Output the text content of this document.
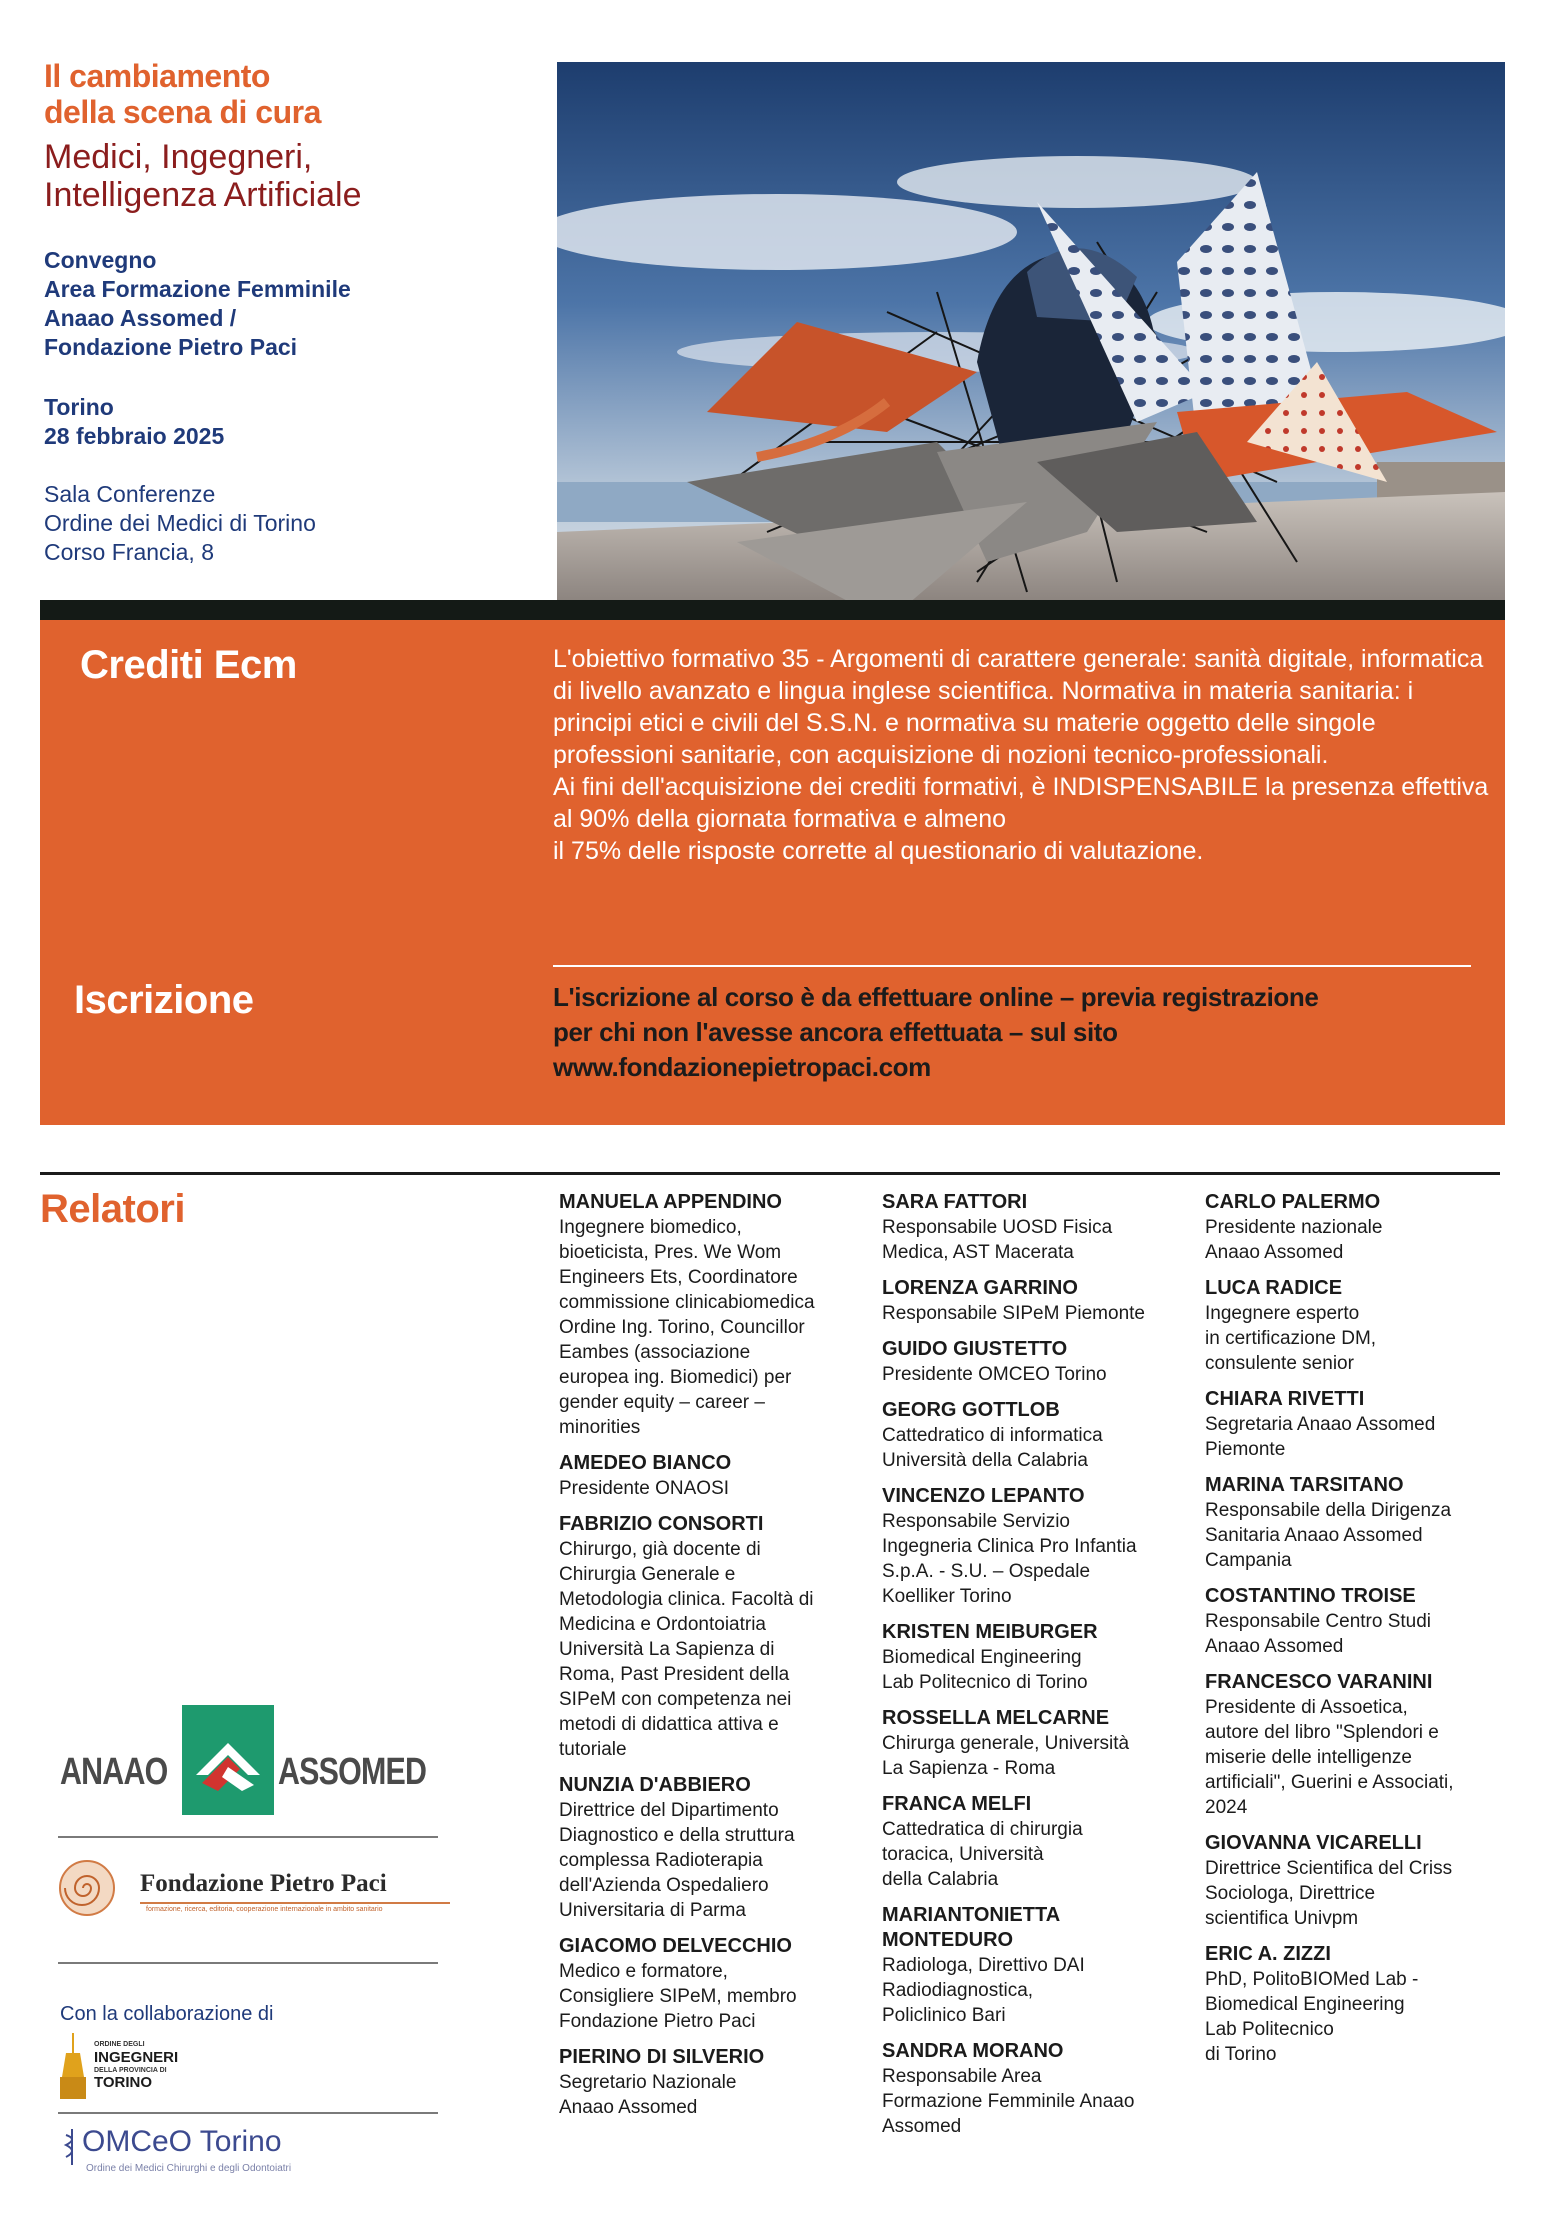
Il cambiamento
della scena di cura
Medici, Ingegneri,
Intelligenza Artificiale
Convegno
Area Formazione Femminile
Anaao Assomed /
Fondazione Pietro Paci
Torino
28 febbraio 2025
Sala Conferenze
Ordine dei Medici di Torino
Corso Francia, 8
Crediti Ecm	L'obiettivo formativo 35 - Argomenti di carattere generale: sanità digitale, informatica di livello avanzato e lingua inglese scientifica. Normativa in materia sanitaria: i principi etici e civili del S.S.N. e normativa su materie oggetto delle singole professioni sanitarie, con acquisizione di nozioni tecnico-professionali.
Ai fini dell'acquisizione dei crediti formativi, è INDISPENSABILE la presenza effettiva al 90% della giornata formativa e almeno
il 75% delle risposte corrette al questionario di valutazione.
Iscrizione	L'iscrizione al corso è da effettuare online – previa registrazione
per chi non l'avesse ancora effettuata – sul sito
www.fondazionepietropaci.com
Relatori	MANUELA APPENDINO
Ingegnere biomedico,
bioeticista, Pres. We Wom
Engineers Ets, Coordinatore
commissione clinicabiomedica
Ordine Ing. Torino, Councillor
Eambes (associazione
europea ing. Biomedici) per
gender equity – career –
minorities
AMEDEO BIANCO
Presidente ONAOSI
FABRIZIO CONSORTI
Chirurgo, già docente di
Chirurgia Generale e
Metodologia clinica. Facoltà di
Medicina e Ordontoiatria
Università La Sapienza di
Roma, Past President della
SIPeM con competenza nei
metodi di didattica attiva e
tutoriale
NUNZIA D'ABBIERO
Direttrice del Dipartimento
Diagnostico e della struttura
complessa Radioterapia
dell'Azienda Ospedaliero
Universitaria di Parma
GIACOMO DELVECCHIO
Medico e formatore,
Consigliere SIPeM, membro
Fondazione Pietro Paci
PIERINO DI SILVERIO
Segretario Nazionale
Anaao Assomed
SARA FATTORI
Responsabile UOSD Fisica
Medica, AST Macerata
LORENZA GARRINO
Responsabile SIPeM Piemonte
GUIDO GIUSTETTO
Presidente OMCEO Torino
GEORG GOTTLOB
Cattedratico di informatica
Università della Calabria
VINCENZO LEPANTO
Responsabile Servizio
Ingegneria Clinica Pro Infantia
S.p.A. - S.U. – Ospedale
Koelliker Torino
KRISTEN MEIBURGER
Biomedical Engineering
Lab Politecnico di Torino
ROSSELLA MELCARNE
Chirurga generale, Università
La Sapienza - Roma
FRANCA MELFI
Cattedratica di chirurgia
toracica, Università
della Calabria
MARIANTONIETTA MONTEDURO
Radiologa, Direttivo DAI
Radiodiagnostica,
Policlinico Bari
SANDRA MORANO
Responsabile Area
Formazione Femminile Anaao
Assomed
CARLO PALERMO
Presidente nazionale
Anaao Assomed
LUCA RADICE
Ingegnere esperto
in certificazione DM,
consulente senior
CHIARA RIVETTI
Segretaria Anaao Assomed
Piemonte
MARINA TARSITANO
Responsabile della Dirigenza
Sanitaria Anaao Assomed
Campania
COSTANTINO TROISE
Responsabile Centro Studi
Anaao Assomed
FRANCESCO VARANINI
Presidente di Assoetica,
autore del libro "Splendori e
miserie delle intelligenze
artificiali", Guerini e Associati,
2024
GIOVANNA VICARELLI
Direttrice Scientifica del Criss
Sociologa, Direttrice
scientifica Univpm
ERIC A. ZIZZI
PhD, PolitoBIOMed Lab -
Biomedical Engineering
Lab Politecnico
di Torino
ANAAO	ASSOMED
Fondazione Pietro Paci
formazione, ricerca, editoria, cooperazione internazionale in ambito sanitario
Con la collaborazione di
ORDINE DEGLI
INGEGNERI
DELLA PROVINCIA DI
TORINO
OMCeO Torino
Ordine dei Medici Chirurghi e degli Odontoiatri
